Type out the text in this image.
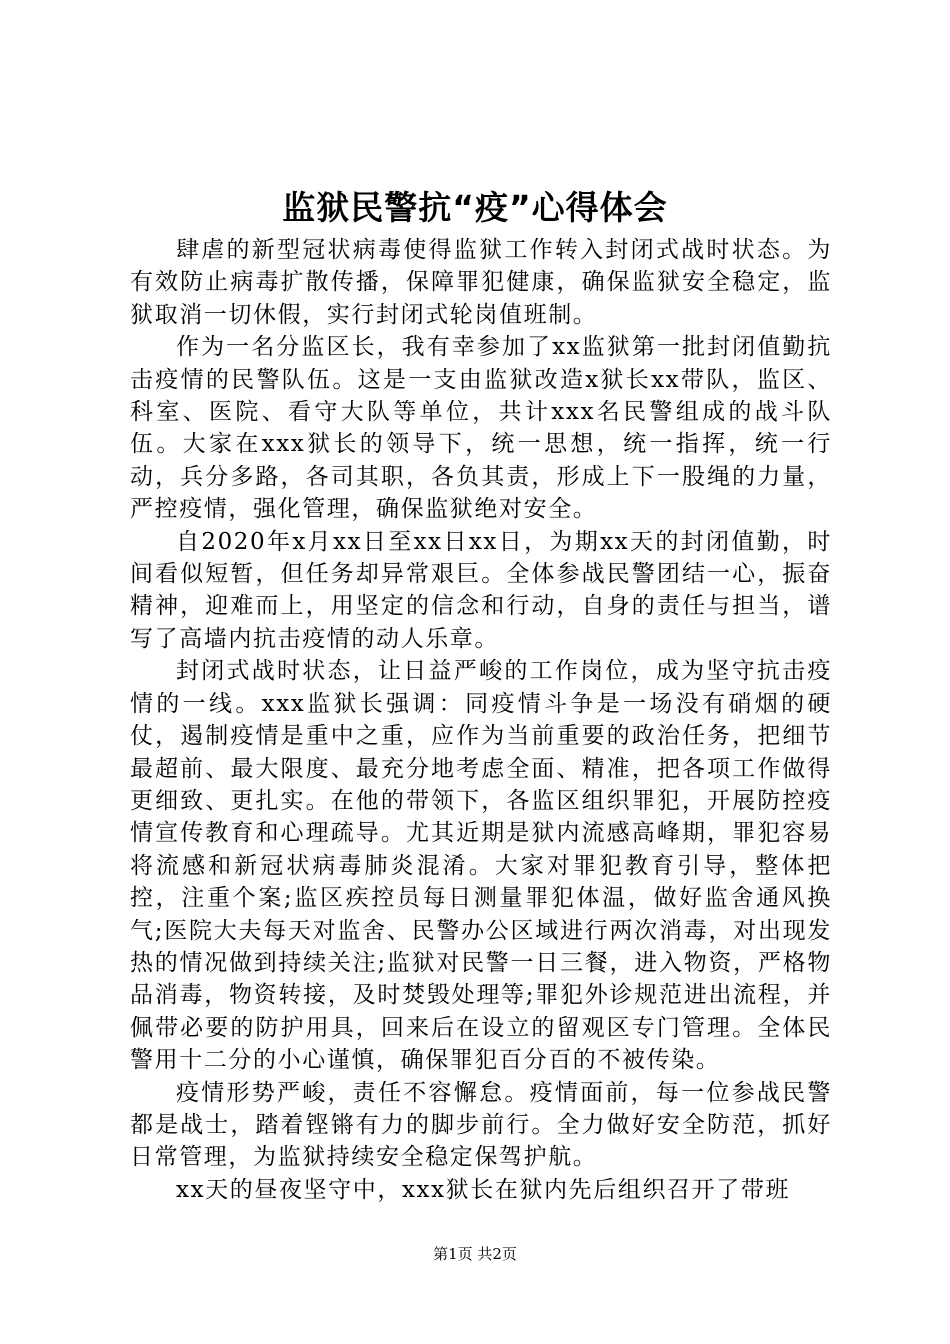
监狱民警抗“疫”心得体会

肆虐的新型冠状病毒使得监狱工作转入封闭式战时状态。为有效防止病毒扩散传播，保障罪犯健康，确保监狱安全稳定，监狱取消一切休假，实行封闭式轮岗值班制。

作为一名分监区长，我有幸参加了xx监狱第一批封闭值勤抗击疫情的民警队伍。这是一支由监狱改造x狱长xx带队，监区、科室、医院、看守大队等单位，共计xxx名民警组成的战斗队伍。大家在xxx狱长的领导下，统一思想，统一指挥，统一行动，兵分多路，各司其职，各负其责，形成上下一股绳的力量，严控疫情，强化管理，确保监狱绝对安全。

自2020年x月xx日至xx日xx日，为期xx天的封闭值勤，时间看似短暂，但任务却异常艰巨。全体参战民警团结一心，振奋精神，迎难而上，用坚定的信念和行动，自身的责任与担当，谱写了高墙内抗击疫情的动人乐章。

封闭式战时状态，让日益严峻的工作岗位，成为坚守抗击疫情的一线。xxx监狱长强调：同疫情斗争是一场没有硝烟的硬仗，遏制疫情是重中之重，应作为当前重要的政治任务，把细节最超前、最大限度、最充分地考虑全面、精准，把各项工作做得更细致、更扎实。在他的带领下，各监区组织罪犯，开展防控疫情宣传教育和心理疏导。尤其近期是狱内流感高峰期，罪犯容易将流感和新冠状病毒肺炎混淆。大家对罪犯教育引导，整体把控，注重个案;监区疾控员每日测量罪犯体温，做好监舍通风换气;医院大夫每天对监舍、民警办公区域进行两次消毒，对出现发热的情况做到持续关注;监狱对民警一日三餐，进入物资，严格物品消毒，物资转接，及时焚毁处理等;罪犯外诊规范进出流程，并佩带必要的防护用具，回来后在设立的留观区专门管理。全体民警用十二分的小心谨慎，确保罪犯百分百的不被传染。

疫情形势严峻，责任不容懈怠。疫情面前，每一位参战民警都是战士，踏着铿锵有力的脚步前行。全力做好安全防范，抓好日常管理，为监狱持续安全稳定保驾护航。

xx天的昼夜坚守中，xxx狱长在狱内先后组织召开了带班

第1页 共2页
